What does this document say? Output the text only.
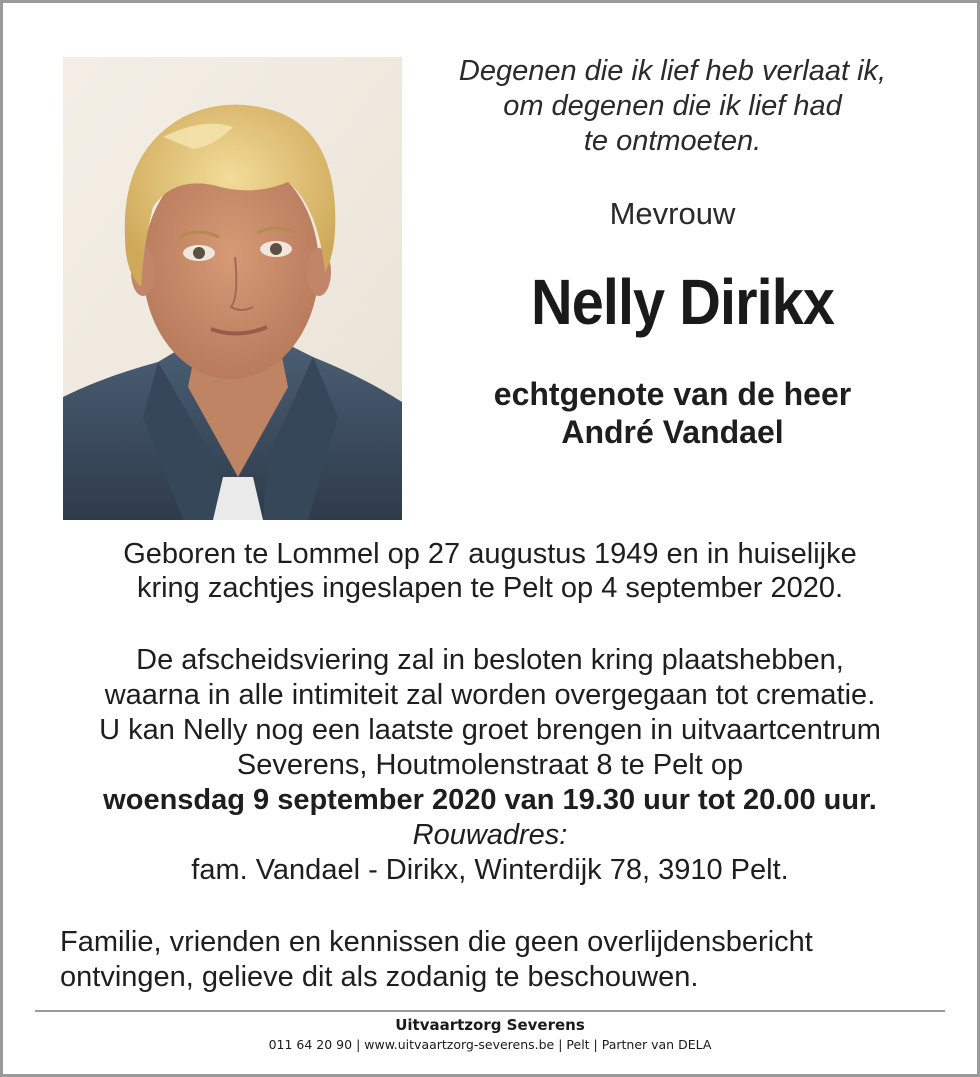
Degenen die ik lief heb verlaat ik,
om degenen die ik lief had
te ontmoeten.
Mevrouw
Nelly Dirikx
echtgenote van de heer
André Vandael
Geboren te Lommel op 27 augustus 1949 en in huiselijke
kring zachtjes ingeslapen te Pelt op 4 september 2020.
De afscheidsviering zal in besloten kring plaatshebben,
waarna in alle intimiteit zal worden overgegaan tot crematie.
U kan Nelly nog een laatste groet brengen in uitvaartcentrum
Severens, Houtmolenstraat 8 te Pelt op
woensdag 9 september 2020 van 19.30 uur tot 20.00 uur.
Rouwadres:
fam. Vandael - Dirikx, Winterdijk 78, 3910 Pelt.
Familie, vrienden en kennissen die geen overlijdensbericht
ontvingen, gelieve dit als zodanig te beschouwen.
Uitvaartzorg Severens
011 64 20 90 | www.uitvaartzorg-severens.be | Pelt | Partner van DELA
